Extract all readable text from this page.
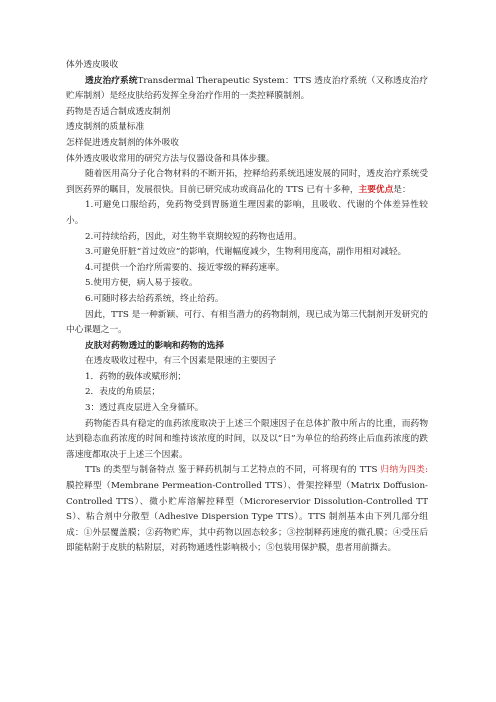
体外透皮吸收
透皮治疗系统Transdermal Therapeutic System：TTS 透皮治疗系统（又称透皮治疗贮库制剂）是经皮肤给药发挥全身治疗作用的一类控释膜制剂。
药物是否适合制成透皮制剂
透皮制剂的质量标准
怎样促进透皮制剂的体外吸收
体外透皮吸收常用的研究方法与仪器设备和具体步骤。
随着医用高分子化合物材料的不断开拓，控释给药系统迅速发展的同时，透皮治疗系统受到医药界的瞩目，发展很快。目前已研究成功或商品化的 TTS 已有十多种，主要优点是：
1.可避免口服给药，免药物受到胃肠道生理因素的影响，且吸收、代谢的个体差异性较小。
2.可持续给药，因此，对生物半衰期较短的药物也适用。
3.可避免肝脏“首过效应”的影响，代谢幅度减少，生物利用度高，副作用相对减轻。
4.可提供一个治疗所需要的、接近零级的释药速率。
5.使用方便，病人易于接收。
6.可随时移去给药系统，终止给药。
因此，TTS 是一种新颖、可行、有相当潜力的药物制剂，现已成为第三代制剂开发研究的中心课题之一。
皮肤对药物透过的影响和药物的选择
在透皮吸收过程中，有三个因素是限速的主要因子
1．药物的载体或赋形剂；
2．表皮的角质层；
3：透过真皮层进入全身循环。
药物能否具有稳定的血药浓度取决于上述三个限速因子在总体扩散中所占的比重，而药物达到稳态血药浓度的时间和维持该浓度的时间，以及以“日”为单位的给药终止后血药浓度的跌落速度都取决于上述三个因素。
TTs 的类型与制备特点 鉴于释药机制与工艺特点的不同，可将现有的 TTS 归纳为四类: 膜控释型（Membrane Permeation-Controlled TTS）、骨架控释型（Matrix Doffusion-Controlled TTS）、微小贮库溶解控释型（Microreservior Dissolution-Controlled TTS）、粘合剂中分散型（Adhesive Dispersion Type TTS）。TTS 制剂基本由下列几部分组成：①外层覆盖膜；②药物贮库，其中药物以固态较多；③控制释药速度的微孔膜；④受压后即能粘附于皮肤的粘附层，对药物通透性影响极小；⑤包装用保护膜，患者用前撕去。
